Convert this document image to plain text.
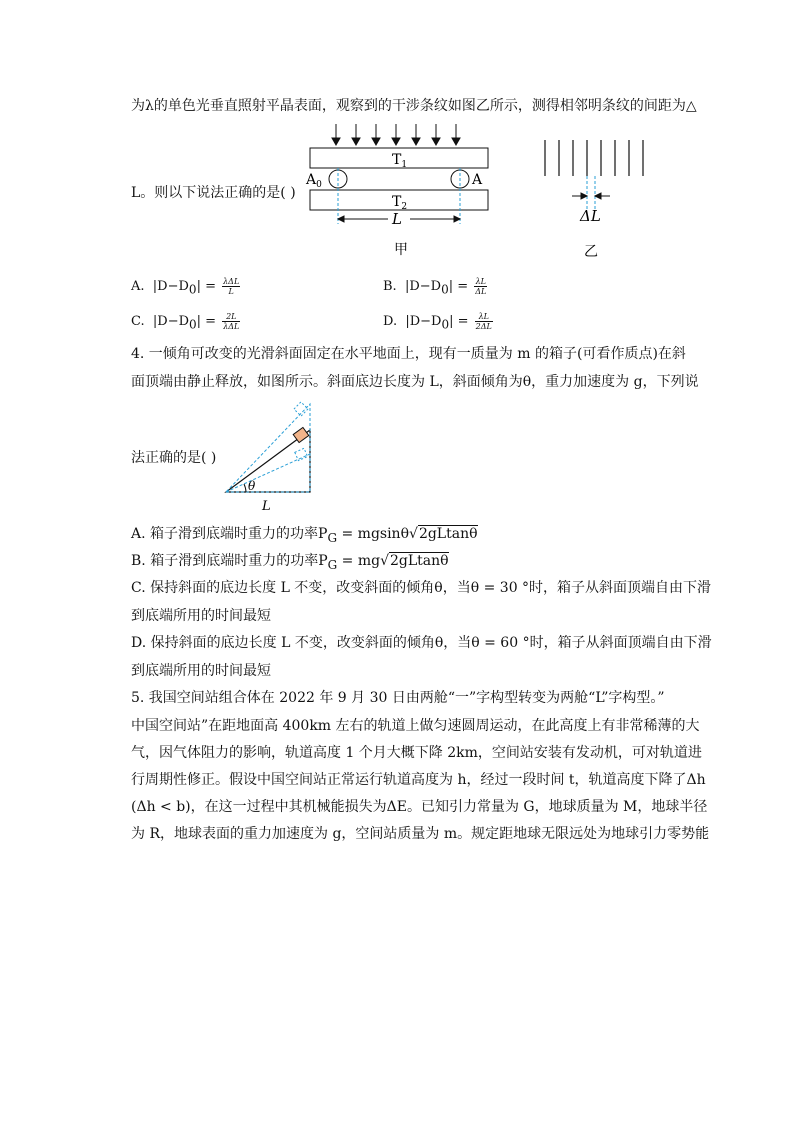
为λ的单色光垂直照射平晶表面，观察到的干涉条纹如图乙所示，测得相邻明条纹的间距为△
$T_1$
$T_2$
$A_0$	A
L
甲
ΔL
乙
L。则以下说法正确的是( )
A. $|D-D_0| = \frac{\text{λΔL}}{L}$	B. $|D-D_0| = \frac{\lambda L}{\Delta L}$
C. $|D-D_0| = \frac{2L}{\text{λΔL}}$	D. $|D-D_0| = \frac{\lambda L}{2\Delta L}$
4. 一倾角可改变的光滑斜面固定在水平地面上，现有一质量为 m 的箱子(可看作质点)在斜
面顶端由静止释放，如图所示。斜面底边长度为 L，斜面倾角为θ，重力加速度为 g，下列说
θ
L
法正确的是( )
A. 箱子滑到底端时重力的功率$P_G = mgsin\theta√2gLtan\theta$
B. 箱子滑到底端时重力的功率$P_G = mg√2gLtan\theta$
C. 保持斜面的底边长度 L 不变，改变斜面的倾角θ，当θ = 30 °时，箱子从斜面顶端自由下滑
到底端所用的时间最短
D. 保持斜面的底边长度 L 不变，改变斜面的倾角θ，当θ = 60 °时，箱子从斜面顶端自由下滑
到底端所用的时间最短
5. 我国空间站组合体在 2022 年 9 月 30 日由两舱“一”字构型转变为两舱“L”字构型。”
中国空间站”在距地面高 400km 左右的轨道上做匀速圆周运动，在此高度上有非常稀薄的大
气，因气体阻力的影响，轨道高度 1 个月大概下降 2km，空间站安装有发动机，可对轨道进
行周期性修正。假设中国空间站正常运行轨道高度为 h，经过一段时间 t，轨道高度下降了Δh
(Δh < b)，在这一过程中其机械能损失为ΔE。已知引力常量为 G，地球质量为 M，地球半径
为 R，地球表面的重力加速度为 g，空间站质量为 m。规定距地球无限远处为地球引力零势能
